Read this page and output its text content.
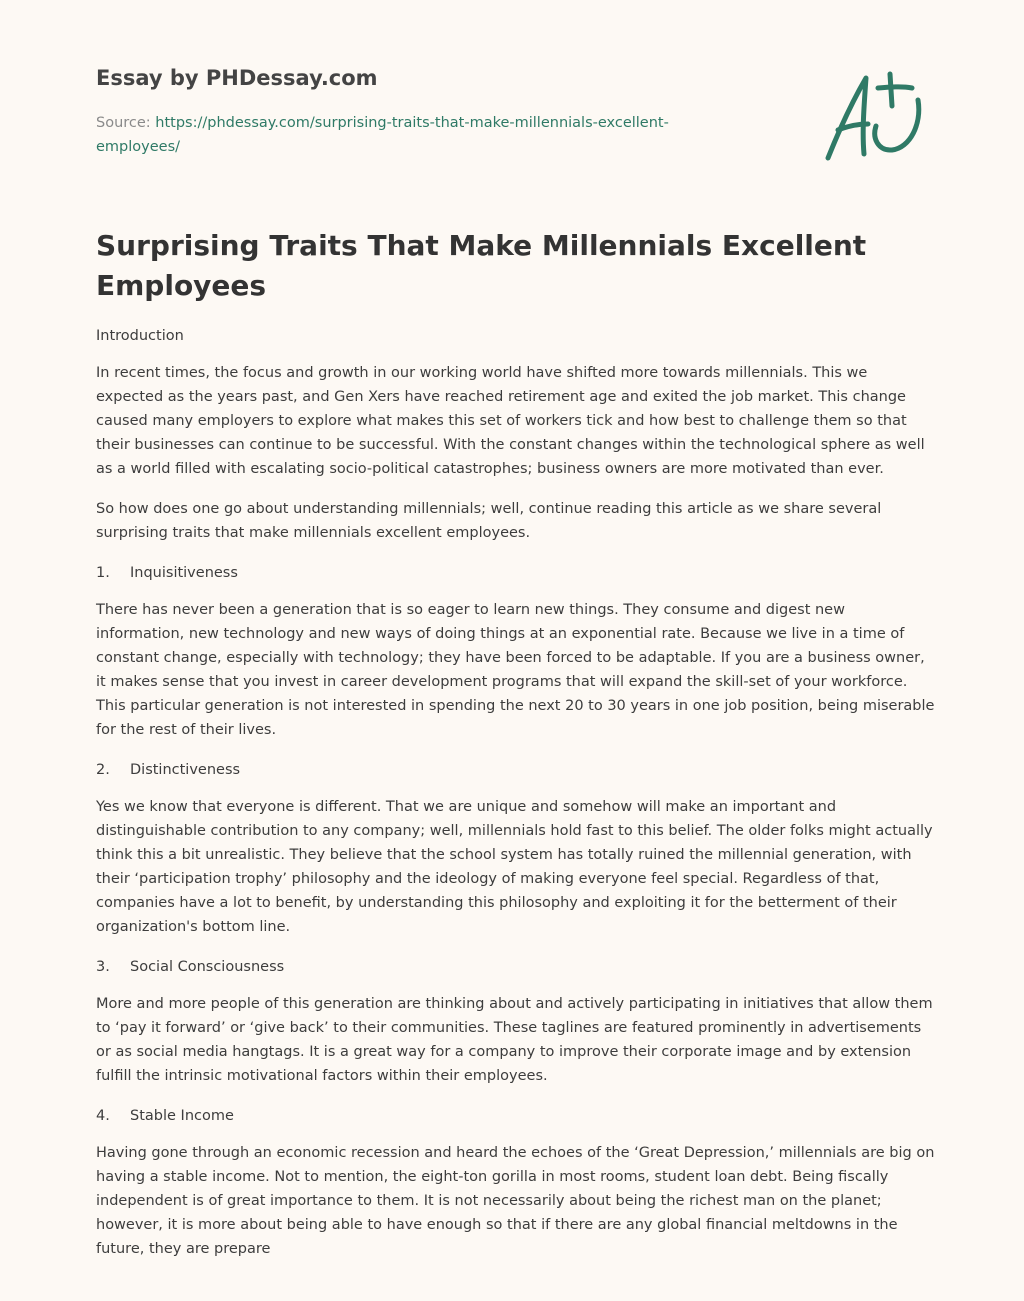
Essay by PHDessay.com
Source: https://phdessay.com/surprising-traits-that-make-millennials-excellent-employees/
Surprising Traits That Make Millennials Excellent Employees

Introduction

In recent times, the focus and growth in our working world have shifted more towards millennials. This we expected as the years past, and Gen Xers have reached retirement age and exited the job market. This change caused many employers to explore what makes this set of workers tick and how best to challenge them so that their businesses can continue to be successful. With the constant changes within the technological sphere as well as a world filled with escalating socio-political catastrophes; business owners are more motivated than ever.

So how does one go about understanding millennials; well, continue reading this article as we share several surprising traits that make millennials excellent employees.

1. Inquisitiveness

There has never been a generation that is so eager to learn new things. They consume and digest new information, new technology and new ways of doing things at an exponential rate. Because we live in a time of constant change, especially with technology; they have been forced to be adaptable. If you are a business owner, it makes sense that you invest in career development programs that will expand the skill-set of your workforce. This particular generation is not interested in spending the next 20 to 30 years in one job position, being miserable for the rest of their lives.

2. Distinctiveness

Yes we know that everyone is different. That we are unique and somehow will make an important and distinguishable contribution to any company; well, millennials hold fast to this belief. The older folks might actually think this a bit unrealistic. They believe that the school system has totally ruined the millennial generation, with their ‘participation trophy’ philosophy and the ideology of making everyone feel special. Regardless of that, companies have a lot to benefit, by understanding this philosophy and exploiting it for the betterment of their organization's bottom line.

3. Social Consciousness

More and more people of this generation are thinking about and actively participating in initiatives that allow them to ‘pay it forward’ or ‘give back’ to their communities. These taglines are featured prominently in advertisements or as social media hangtags. It is a great way for a company to improve their corporate image and by extension fulfill the intrinsic motivational factors within their employees.

4. Stable Income

Having gone through an economic recession and heard the echoes of the ‘Great Depression,’ millennials are big on having a stable income. Not to mention, the eight-ton gorilla in most rooms, student loan debt. Being fiscally independent is of great importance to them. It is not necessarily about being the richest man on the planet; however, it is more about being able to have enough so that if there are any global financial meltdowns in the future, they are prepare
